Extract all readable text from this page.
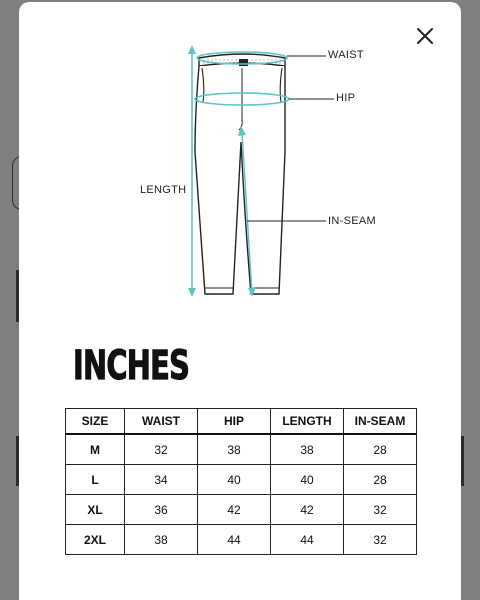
WAIST
HIP
LENGTH
IN-SEAM
INCHES
SIZE	WAIST	HIP	LENGTH	IN-SEAM
M	32	38	38	28
L	34	40	40	28
XL	36	42	42	32
2XL	38	44	44	32
